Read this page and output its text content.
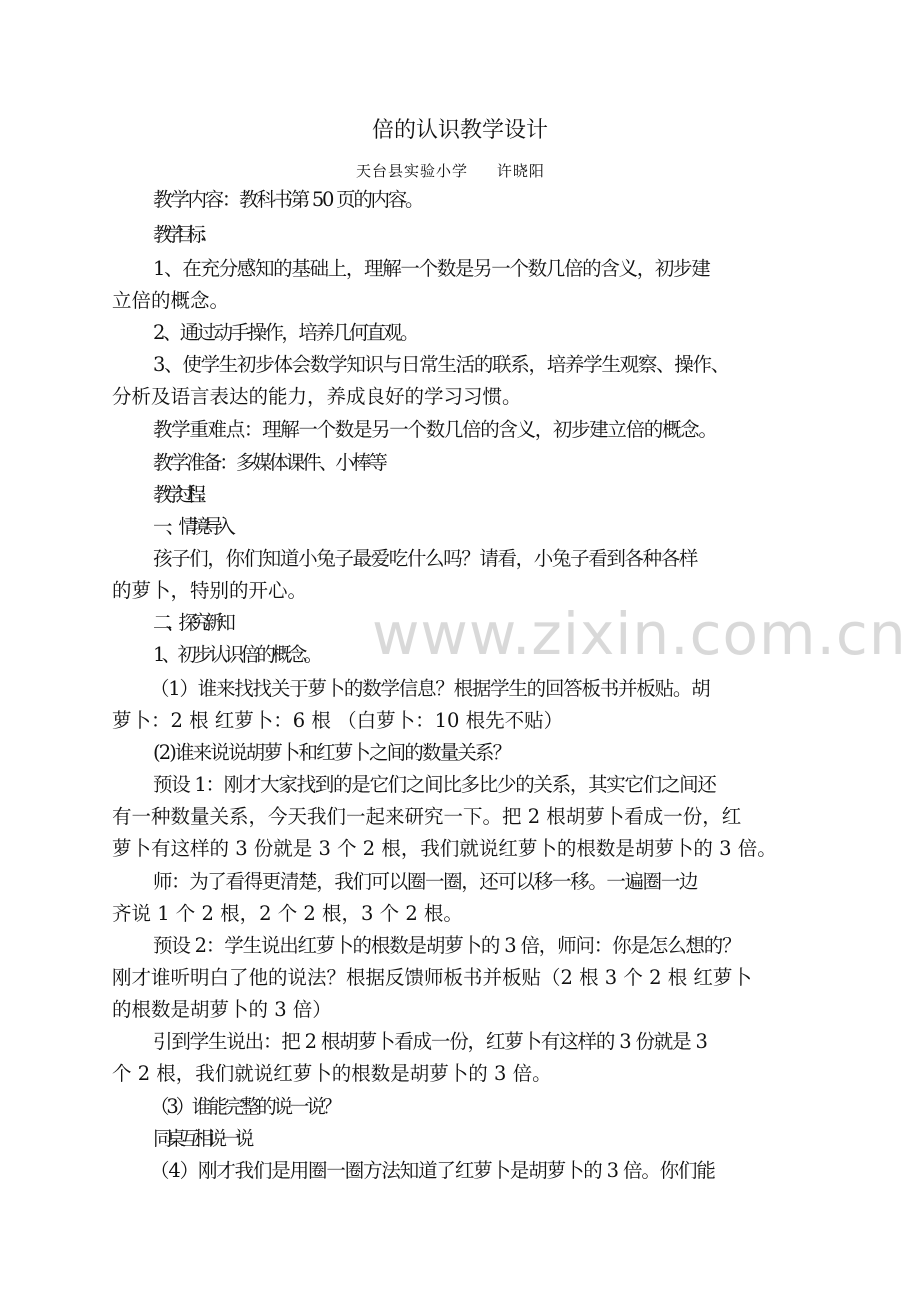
倍的认识教学设计
天台县实验小学     许晓阳
教学内容：教科书第 50 页的内容。
教学目标：
1、在充分感知的基础上，理解一个数是另一个数几倍的含义，初步建
立倍的概念。
2、通过动手操作，培养几何直观。
3、使学生初步体会数学知识与日常生活的联系，培养学生观察、操作、
分析及语言表达的能力，养成良好的学习习惯。
教学重难点：理解一个数是另一个数几倍的含义，初步建立倍的概念。
教学准备：多媒体课件、小棒等
教学过程：
一、情境导入
孩子们，你们知道小兔子最爱吃什么吗？请看，小兔子看到各种各样
的萝卜，特别的开心。
二、探究新知
1、初步认识倍的概念。
（1）谁来找找关于萝卜的数学信息？根据学生的回答板书并板贴。胡
萝卜：2 根 红萝卜：6 根 （白萝卜：10 根先不贴）
(2)谁来说说胡萝卜和红萝卜之间的数量关系？
预设 1：刚才大家找到的是它们之间比多比少的关系，其实它们之间还
有一种数量关系，今天我们一起来研究一下。把 2 根胡萝卜看成一份，红
萝卜有这样的 3 份就是 3 个 2 根，我们就说红萝卜的根数是胡萝卜的 3 倍。
师：为了看得更清楚，我们可以圈一圈，还可以移一移。一遍圈一边
齐说 1 个 2 根，2 个 2 根，3 个 2 根。
预设 2：学生说出红萝卜的根数是胡萝卜的 3 倍，师问：你是怎么想的？
刚才谁听明白了他的说法？根据反馈师板书并板贴（2 根 3 个 2 根 红萝卜
的根数是胡萝卜的 3 倍）
引到学生说出：把 2 根胡萝卜看成一份，红萝卜有这样的 3 份就是 3
个 2 根，我们就说红萝卜的根数是胡萝卜的 3 倍。
（3）谁能完整的说一说？
同桌互相说一说
（4）刚才我们是用圈一圈方法知道了红萝卜是胡萝卜的 3 倍。你们能
www.zixin.com.cn
